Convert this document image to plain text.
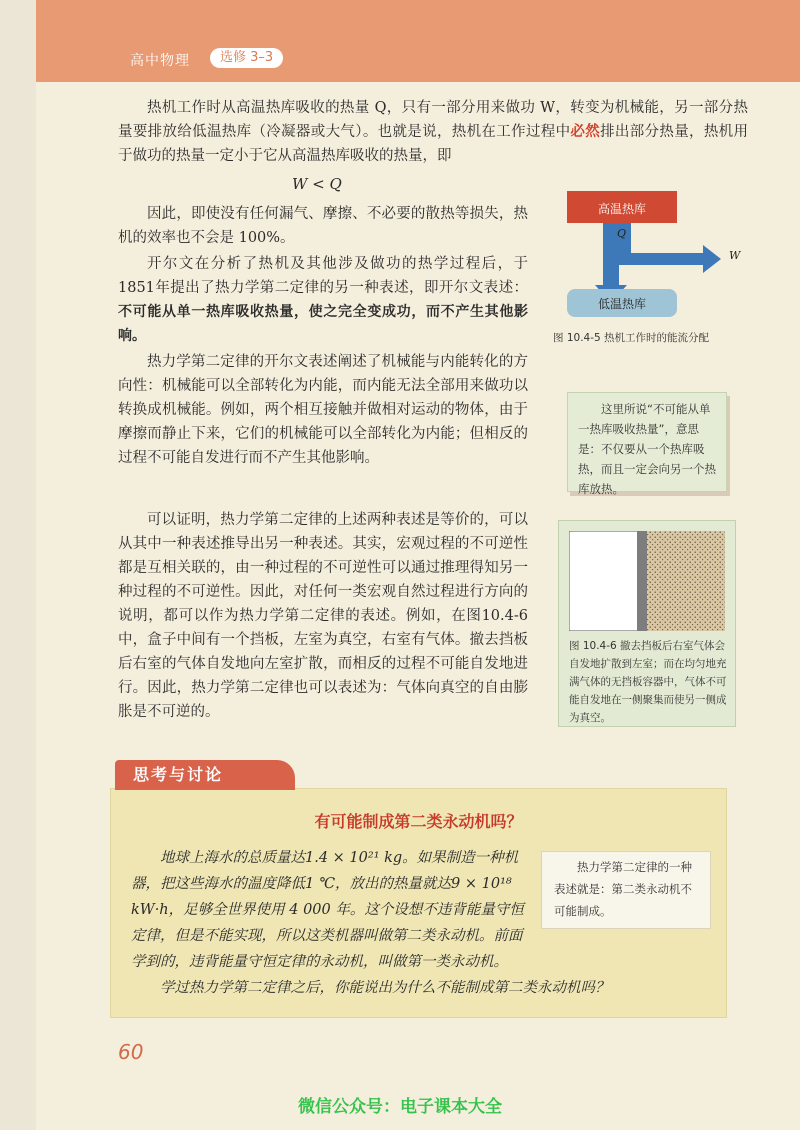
高中物理	选修 3–3

热机工作时从高温热库吸收的热量 Q，只有一部分用来做功 W，转变为机械能，另一部分热量要排放给低温热库（冷凝器或大气）。也就是说，热机在工作过程中必然排出部分热量，热机用于做功的热量一定小于它从高温热库吸收的热量，即

W < Q

因此，即使没有任何漏气、摩擦、不必要的散热等损失，热机的效率也不会是 100%。

开尔文在分析了热机及其他涉及做功的热学过程后，于 1851年提出了热力学第二定律的另一种表述，即开尔文表述：不可能从单一热库吸收热量，使之完全变成功，而不产生其他影响。

热力学第二定律的开尔文表述阐述了机械能与内能转化的方向性：机械能可以全部转化为内能，而内能无法全部用来做功以转换成机械能。例如，两个相互接触并做相对运动的物体，由于摩擦而静止下来，它们的机械能可以全部转化为内能；但相反的过程不可能自发进行而不产生其他影响。

可以证明，热力学第二定律的上述两种表述是等价的，可以从其中一种表述推导出另一种表述。其实，宏观过程的不可逆性都是互相关联的，由一种过程的不可逆性可以通过推理得知另一种过程的不可逆性。因此，对任何一类宏观自然过程进行方向的说明，都可以作为热力学第二定律的表述。例如，在图10.4-6中，盒子中间有一个挡板，左室为真空，右室有气体。撤去挡板后右室的气体自发地向左室扩散，而相反的过程不可能自发地进行。因此，热力学第二定律也可以表述为：气体向真空的自由膨胀是不可逆的。

高温热库
Q
W
低温热库
图 10.4-5 热机工作时的能流分配

这里所说“不可能从单一热库吸收热量”，意思是：不仅要从一个热库吸热，而且一定会向另一个热库放热。

图 10.4-6 撤去挡板后右室气体会自发地扩散到左室；而在均匀地充满气体的无挡板容器中，气体不可能自发地在一侧聚集而使另一侧成为真空。

有可能制成第二类永动机吗？

地球上海水的总质量达1.4 × 10²¹ kg。如果制造一种机器，把这些海水的温度降低1 ℃，放出的热量就达9 × 10¹⁸ kW·h，足够全世界使用 4 000 年。这个设想不违背能量守恒定律，但是不能实现，所以这类机器叫做第二类永动机。前面学到的，违背能量守恒定律的永动机，叫做第一类永动机。

学过热力学第二定律之后，你能说出为什么不能制成第二类永动机吗？

热力学第二定律的一种表述就是：第二类永动机不可能制成。

思考与讨论
60
微信公众号：电子课本大全
